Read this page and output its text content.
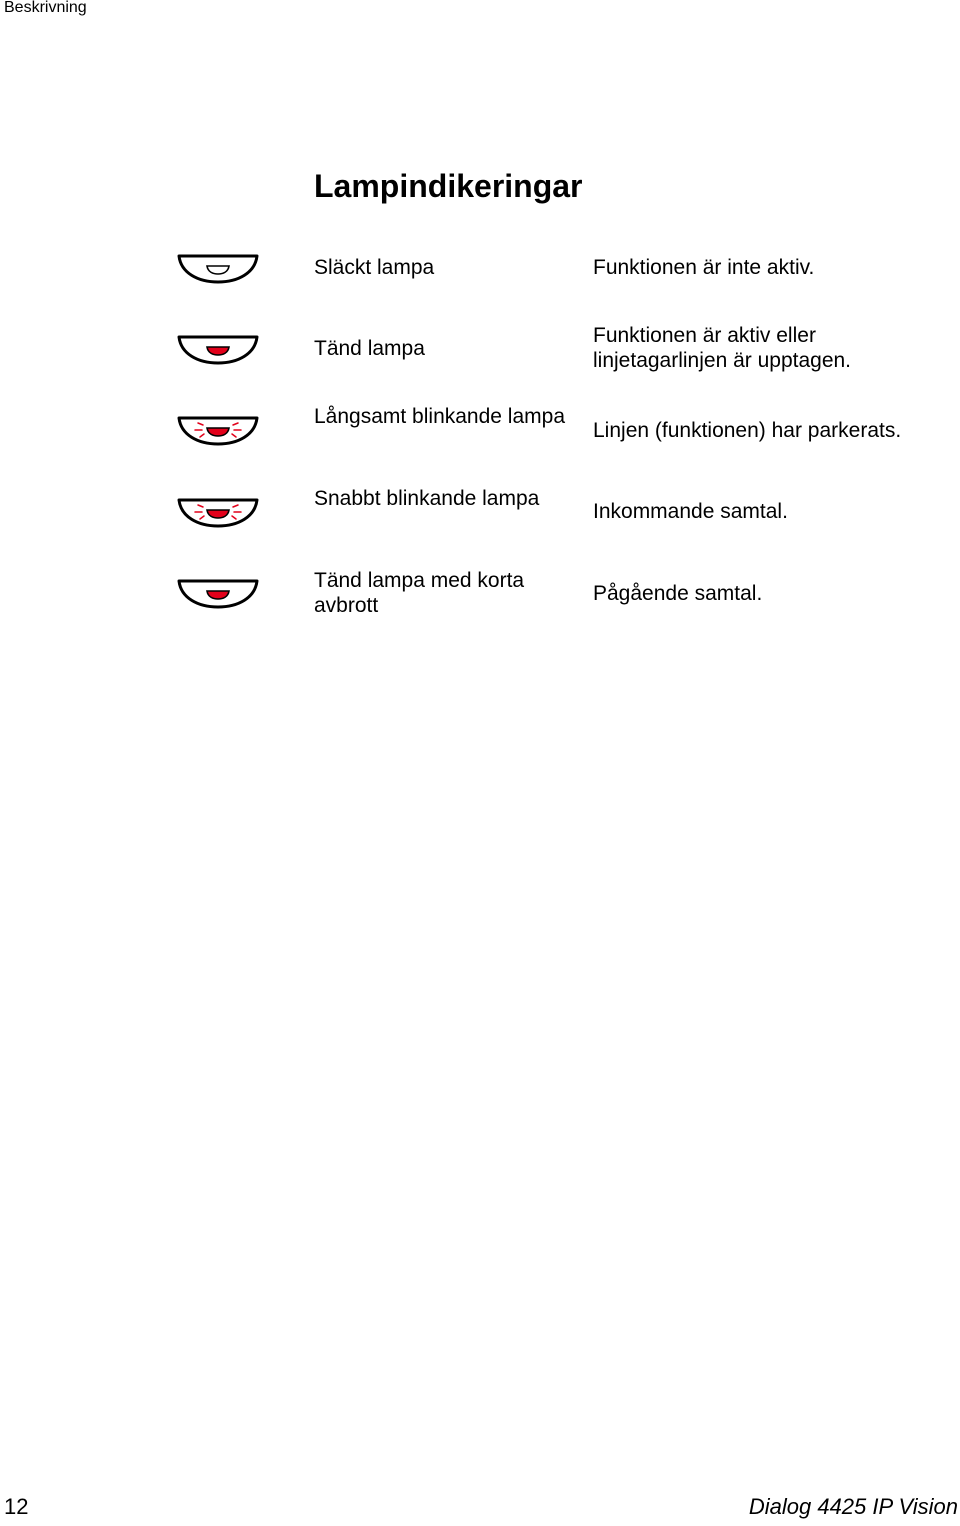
Beskrivning
Lampindikeringar
Släckt lampa	Funktionen är inte aktiv.
Tänd lampa
Funktionen är aktiv eller linjetagarlinjen är upptagen.
Långsamt blinkande lampa
Linjen (funktionen) har parkerats.
Snabbt blinkande lampa
Inkommande samtal.
Tänd lampa med korta avbrott
Pågående samtal.
12	Dialog 4425 IP Vision
